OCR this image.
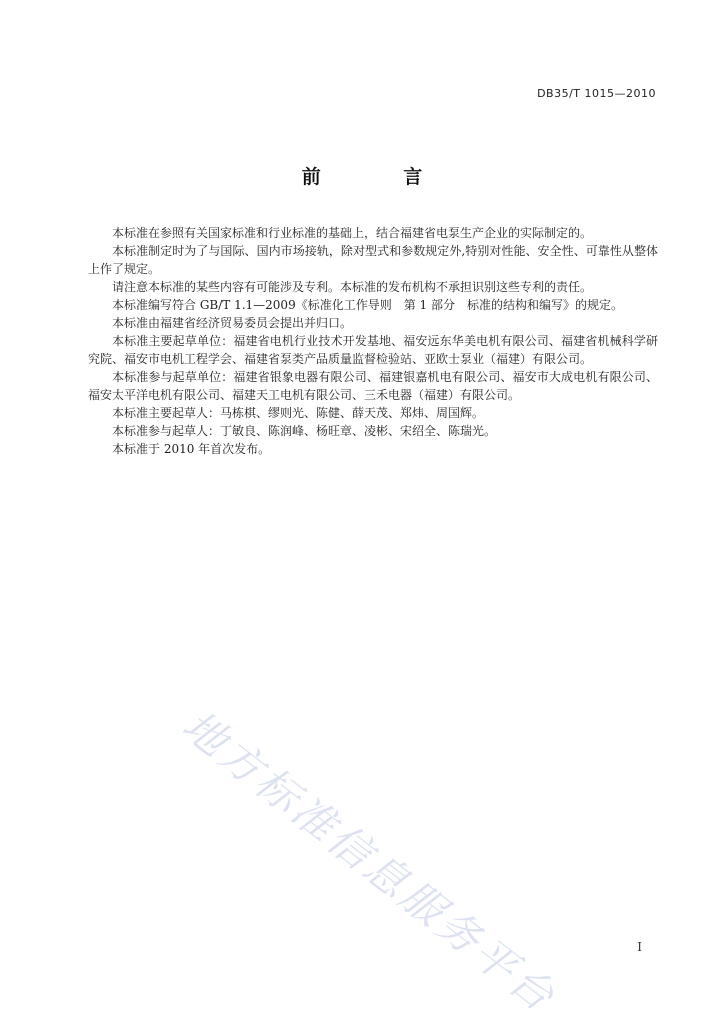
DB35/T 1015—2010
前 言

本标准在参照有关国家标准和行业标准的基础上，结合福建省电泵生产企业的实际制定的。

本标准制定时为了与国际、国内市场接轨，除对型式和参数规定外,特别对性能、安全性、可靠性从整体上作了规定。

请注意本标准的某些内容有可能涉及专利。本标准的发布机构不承担识别这些专利的责任。

本标准编写符合 GB/T 1.1—2009《标准化工作导则　第 1 部分　标准的结构和编写》的规定。

本标准由福建省经济贸易委员会提出并归口。

本标准主要起草单位：福建省电机行业技术开发基地、福安远东华美电机有限公司、福建省机械科学研究院、福安市电机工程学会、福建省泵类产品质量监督检验站、亚欧士泵业（福建）有限公司。

本标准参与起草单位：福建省银象电器有限公司、福建银嘉机电有限公司、福安市大成电机有限公司、福安太平洋电机有限公司、福建天工电机有限公司、三禾电器（福建）有限公司。

本标准主要起草人：马栋棋、缪则光、陈健、薛天茂、郑炜、周国辉。

本标准参与起草人：丁敏良、陈润峰、杨旺章、凌彬、宋绍全、陈瑞光。

本标准于 2010 年首次发布。

地方标准信息服务平台	I
